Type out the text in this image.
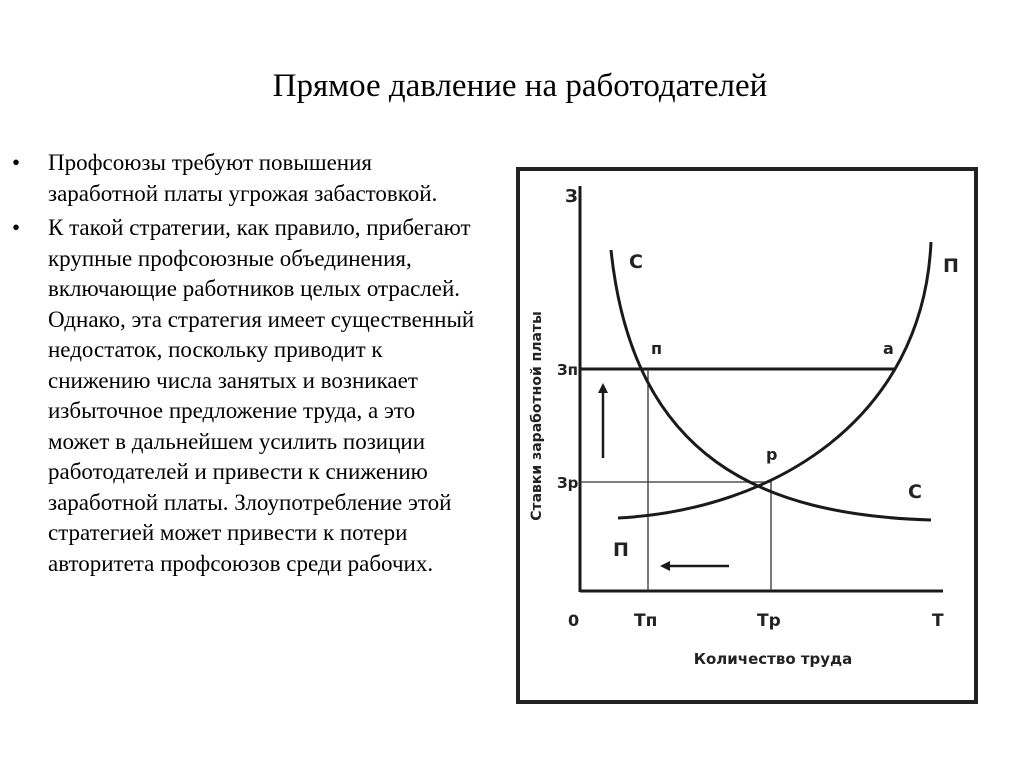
Прямое давление на работодателей
• Профсоюзы требуют повышения заработной платы угрожая забастовкой.
• К такой стратегии, как правило, прибегают крупные профсоюзные объединения, включающие работников целых отраслей. Однако, эта стратегия имеет существенный недостаток, поскольку приводит к снижению числа занятых и возникает избыточное предложение труда, а это может в дальнейшем усилить позиции работодателей и привести к снижению заработной платы. Злоупотребление этой стратегией может привести к потери авторитета профсоюзов среди рабочих.
З
Ставки заработной платы
Количество труда
Зп
Зр
0	Тп	Тр	Т
С
С
П
П
п	а
р
